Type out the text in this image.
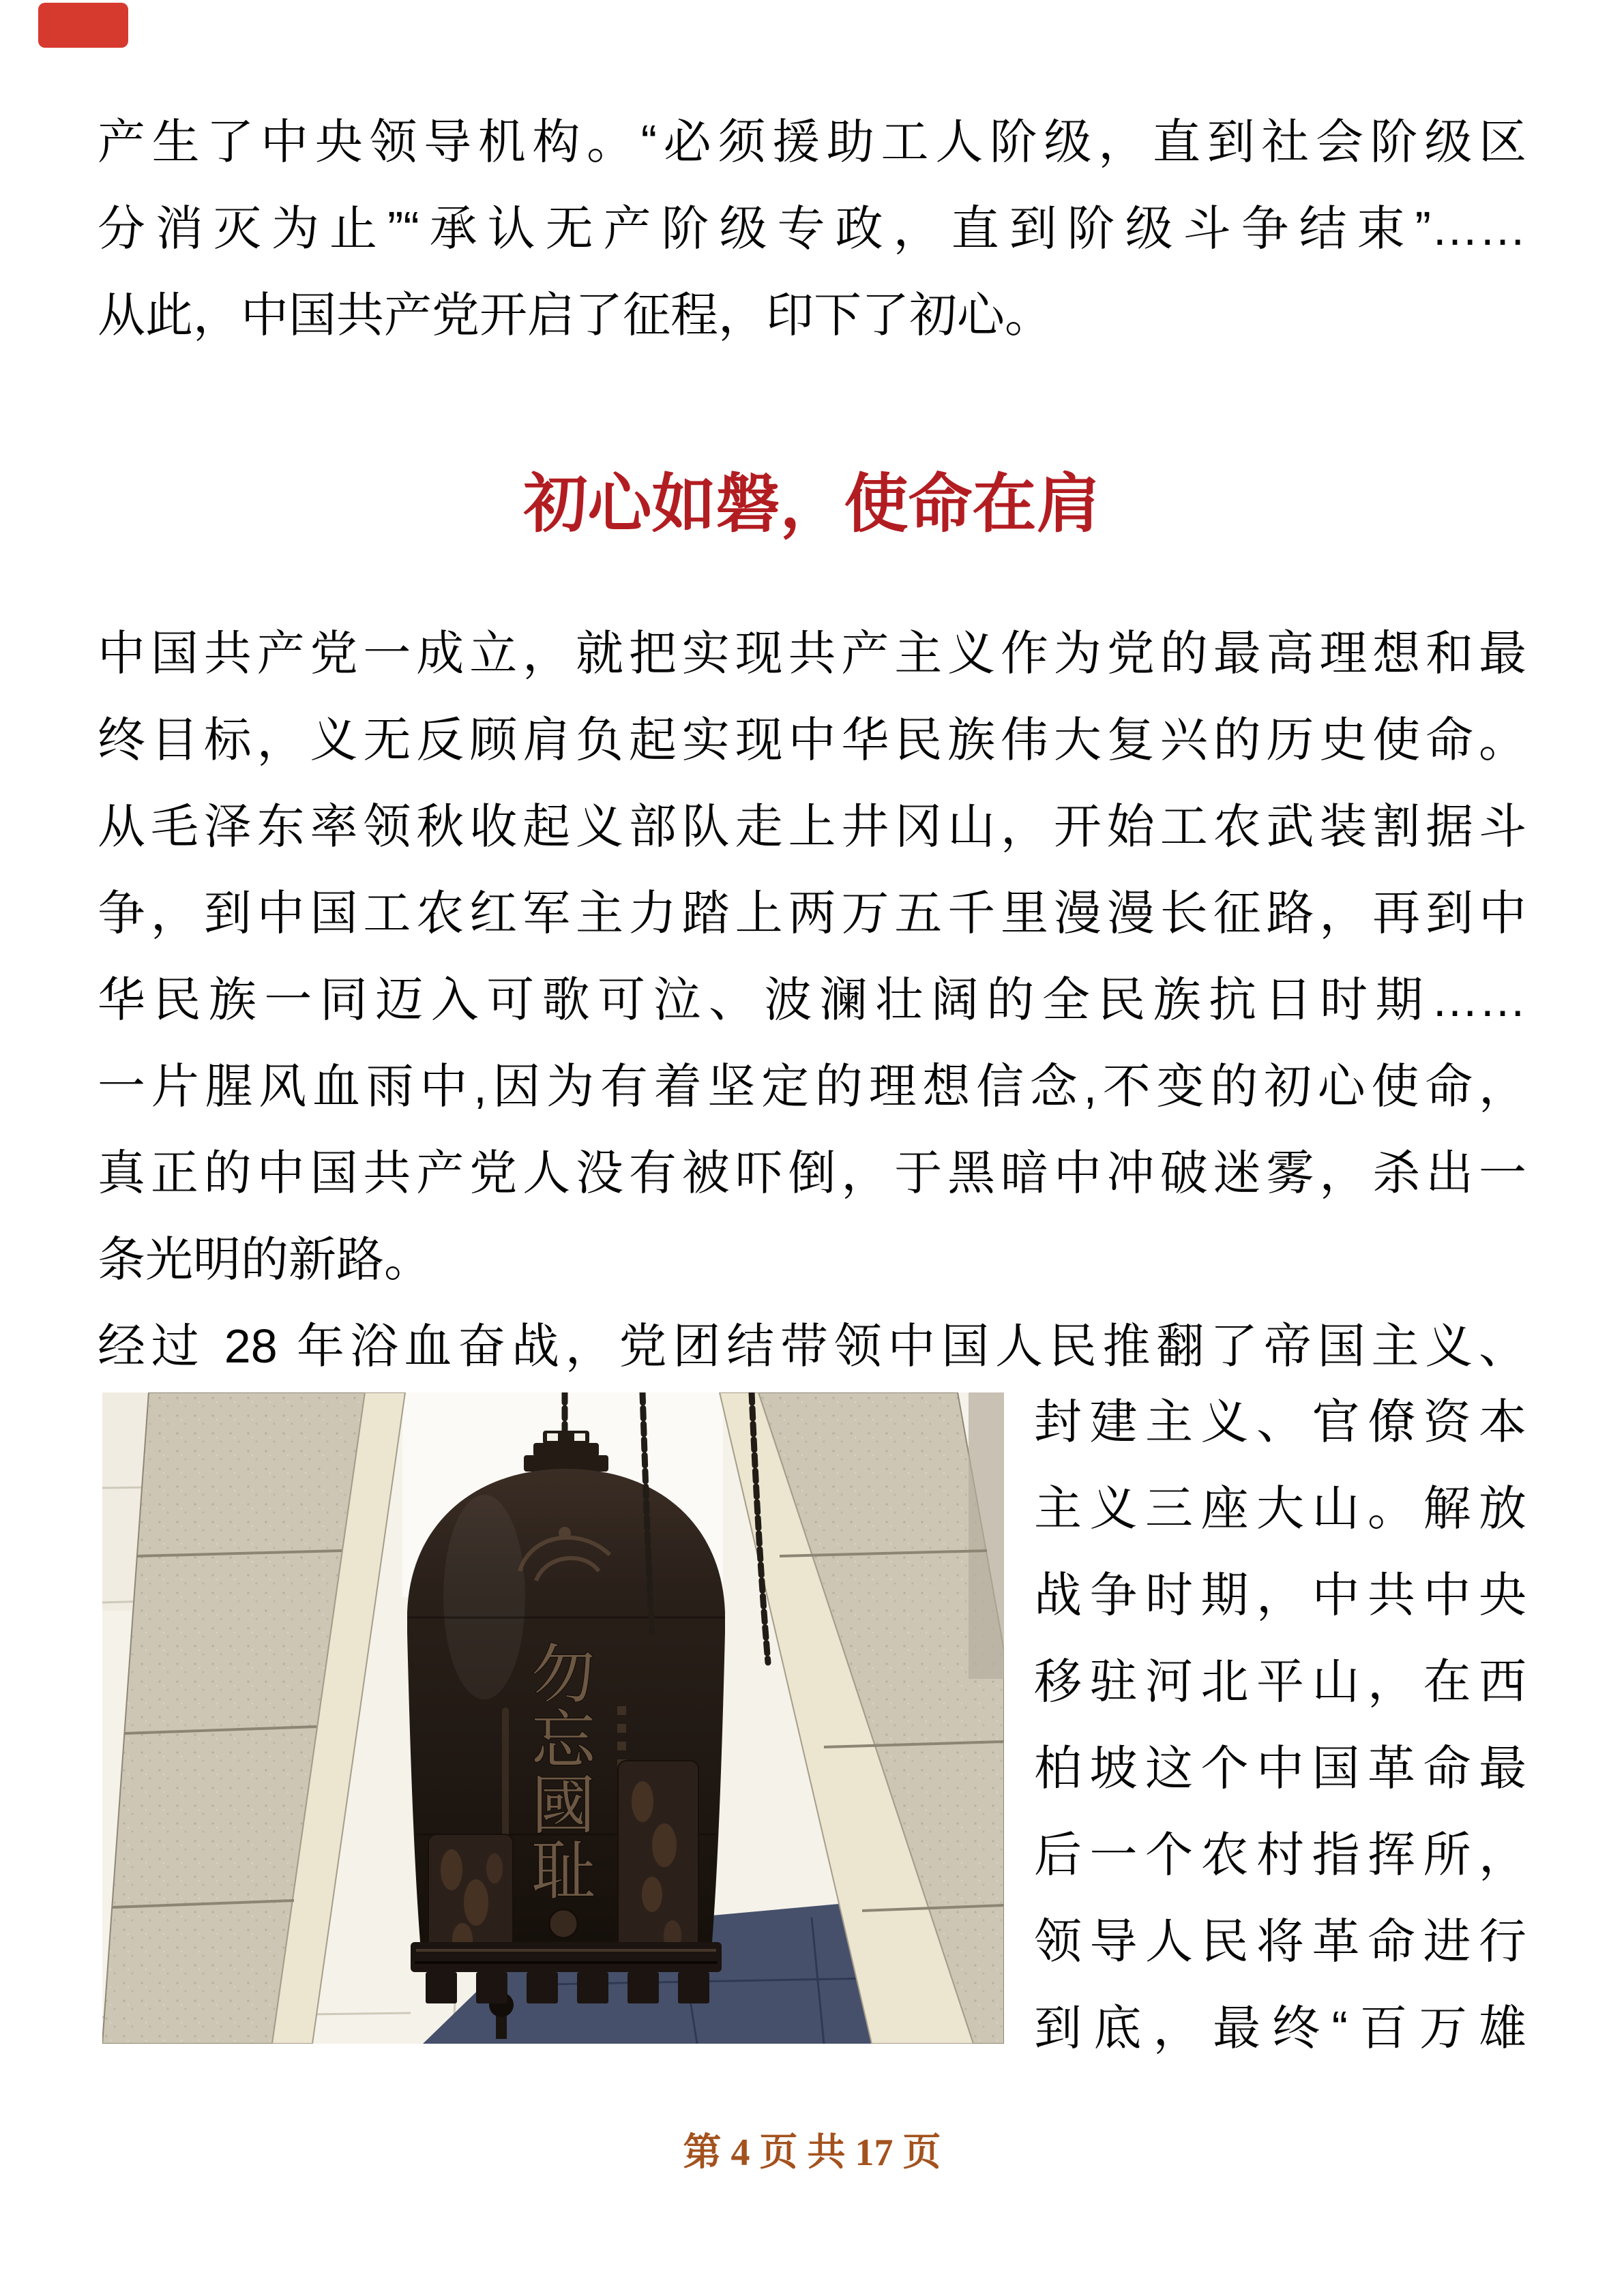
产生了中央领导机构。“必须援助工人阶级，直到社会阶级区
分消灭为止”“承认无产阶级专政，直到阶级斗争结束”……
从此，中国共产党开启了征程，印下了初心。
初心如磐，使命在肩
中国共产党一成立，就把实现共产主义作为党的最高理想和最
终目标，义无反顾肩负起实现中华民族伟大复兴的历史使命。
从毛泽东率领秋收起义部队走上井冈山，开始工农武装割据斗
争，到中国工农红军主力踏上两万五千里漫漫长征路，再到中
华民族一同迈入可歌可泣、波澜壮阔的全民族抗日时期……
一片腥风血雨中,因为有着坚定的理想信念,不变的初心使命，
真正的中国共产党人没有被吓倒，于黑暗中冲破迷雾，杀出一
条光明的新路。
经过 28 年浴血奋战，党团结带领中国人民推翻了帝国主义、
勿
忘
國
耻
封建主义、官僚资本
主义三座大山。解放
战争时期，中共中央
移驻河北平山，在西
柏坡这个中国革命最
后一个农村指挥所，
领导人民将革命进行
到底，最终“百万雄
第 4 页 共 17 页
